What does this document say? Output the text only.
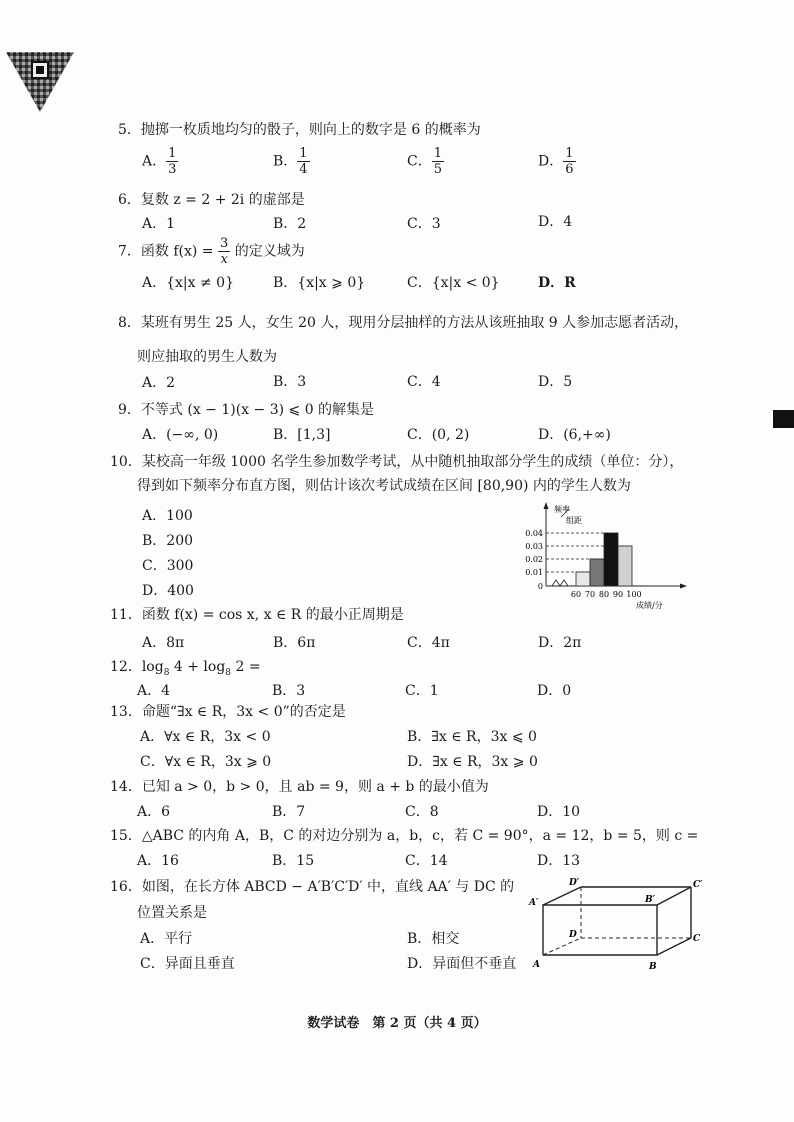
5．抛掷一枚质地均匀的骰子，则向上的数字是 6 的概率为
A． $\frac{1}{3}$	B． $\frac{1}{4}$	C． $\frac{1}{5}$	D． $\frac{1}{6}$
6．复数 z = 2 + 2i 的虚部是
A．1	B．2	C．3	D．4
7．函数 $f(x) = \frac{3}{x}$ 的定义域为
A．{x|x ≠ 0}	B．{x|x ⩾ 0}	C．{x|x < 0}	D．R
8．某班有男生 25 人，女生 20 人，现用分层抽样的方法从该班抽取 9 人参加志愿者活动，
则应抽取的男生人数为
A．2	B．3	C．4	D．5
9．不等式 (x − 1)(x − 3) ⩽ 0 的解集是
A．(−∞, 0)	B．[1,3]	C．(0, 2)	D．(6,+∞)
10．某校高一年级 1000 名学生参加数学考试，从中随机抽取部分学生的成绩（单位：分），
得到如下频率分布直方图，则估计该次考试成绩在区间 [80,90) 内的学生人数为
A．100
B．200
C．300
D．400
频率
组距
0.04
0.03
0.02
0.01
0
60 70 80 90 100
成绩/分
11．函数 f(x) = cos x, x ∈ R 的最小正周期是
A．8π	B．6π	C．4π	D．2π
12．$\log_8 4 + \log_8 2$ =
A．4	B．3	C．1	D．0
13．命题“∃x ∈ R，3x < 0”的否定是
A．∀x ∈ R，3x < 0	B．∃x ∈ R，3x ⩽ 0
C．∀x ∈ R，3x ⩾ 0	D．∃x ∈ R，3x ⩾ 0
14．已知 a > 0，b > 0，且 ab = 9，则 a + b 的最小值为
A．6	B．7	C．8	D．10
15．△ABC 的内角 A，B，C 的对边分别为 a，b，c，若 C = 90°，a = 12，b = 5，则 c =
A．16	B．15	C．14	D．13
16．如图，在长方体 ABCD − A′B′C′D′ 中，直线 AA′ 与 DC 的
位置关系是
A．平行	B．相交
C．异面且垂直	D．异面但不垂直
A′
D′
B′
C′
D	C
A	B
数学试卷　第 2 页（共 4 页）
